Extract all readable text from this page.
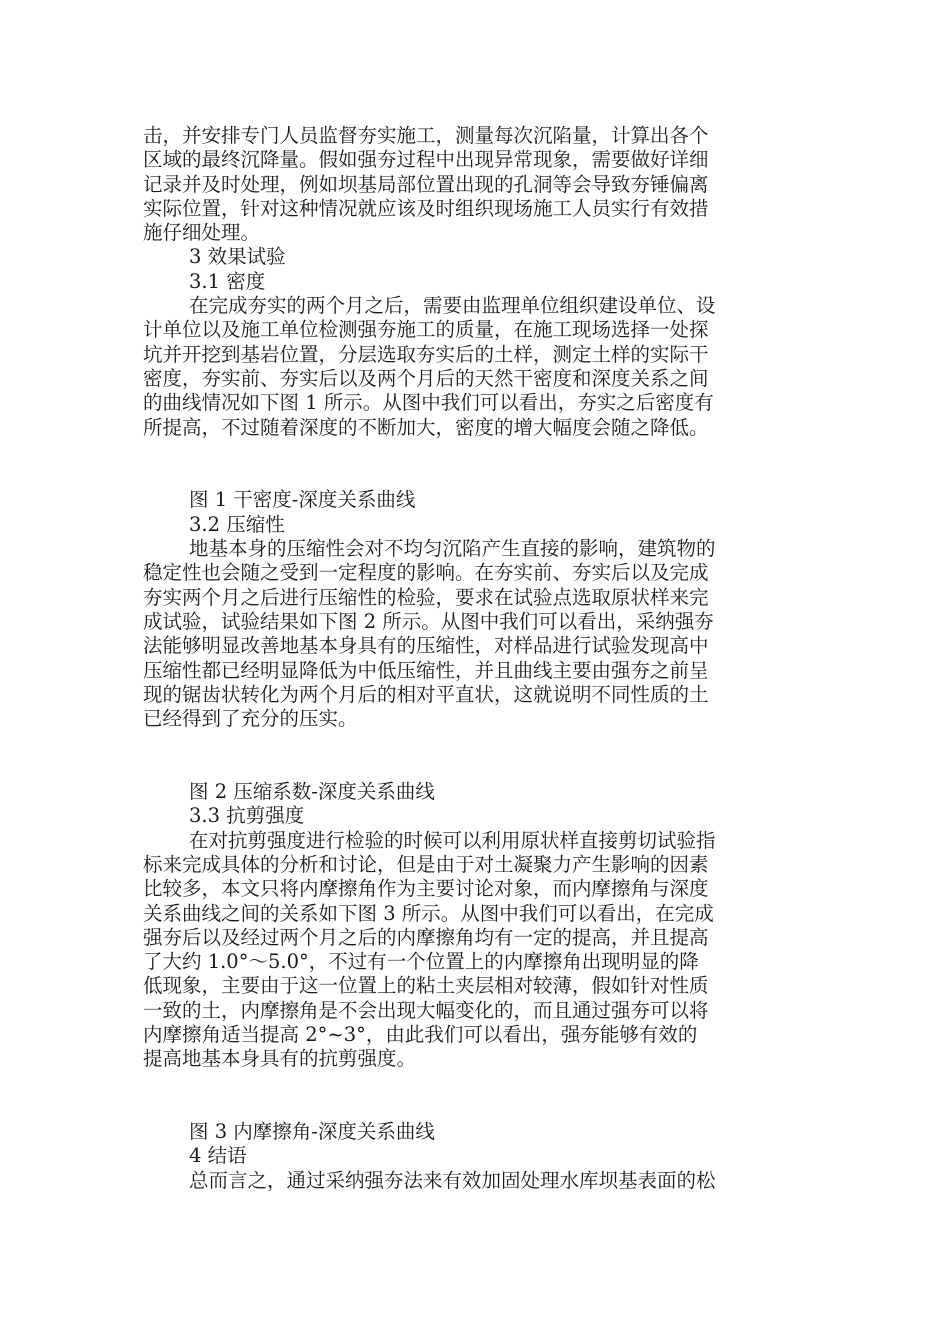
击，并安排专门人员监督夯实施工，测量每次沉陷量，计算出各个
区域的最终沉降量。假如强夯过程中出现异常现象，需要做好详细
记录并及时处理，例如坝基局部位置出现的孔洞等会导致夯锤偏离
实际位置，针对这种情况就应该及时组织现场施工人员实行有效措
施仔细处理。
3 效果试验
3.1 密度
在完成夯实的两个月之后，需要由监理单位组织建设单位、设
计单位以及施工单位检测强夯施工的质量，在施工现场选择一处探
坑并开挖到基岩位置，分层选取夯实后的土样，测定土样的实际干
密度，夯实前、夯实后以及两个月后的天然干密度和深度关系之间
的曲线情况如下图 1 所示。从图中我们可以看出，夯实之后密度有
所提高，不过随着深度的不断加大，密度的增大幅度会随之降低。
图 1 干密度-深度关系曲线
3.2 压缩性
地基本身的压缩性会对不均匀沉陷产生直接的影响，建筑物的
稳定性也会随之受到一定程度的影响。在夯实前、夯实后以及完成
夯实两个月之后进行压缩性的检验，要求在试验点选取原状样来完
成试验，试验结果如下图 2 所示。从图中我们可以看出，采纳强夯
法能够明显改善地基本身具有的压缩性，对样品进行试验发现高中
压缩性都已经明显降低为中低压缩性，并且曲线主要由强夯之前呈
现的锯齿状转化为两个月后的相对平直状，这就说明不同性质的土
已经得到了充分的压实。
图 2 压缩系数-深度关系曲线
3.3 抗剪强度
在对抗剪强度进行检验的时候可以利用原状样直接剪切试验指
标来完成具体的分析和讨论，但是由于对土凝聚力产生影响的因素
比较多，本文只将内摩擦角作为主要讨论对象，而内摩擦角与深度
关系曲线之间的关系如下图 3 所示。从图中我们可以看出，在完成
强夯后以及经过两个月之后的内摩擦角均有一定的提高，并且提高
了大约 1.0°～5.0°，不过有一个位置上的内摩擦角出现明显的降
低现象，主要由于这一位置上的粘土夹层相对较薄，假如针对性质
一致的土，内摩擦角是不会出现大幅变化的，而且通过强夯可以将
内摩擦角适当提高 2°~3°，由此我们可以看出，强夯能够有效的
提高地基本身具有的抗剪强度。
图 3 内摩擦角-深度关系曲线
4 结语
总而言之，通过采纳强夯法来有效加固处理水库坝基表面的松
